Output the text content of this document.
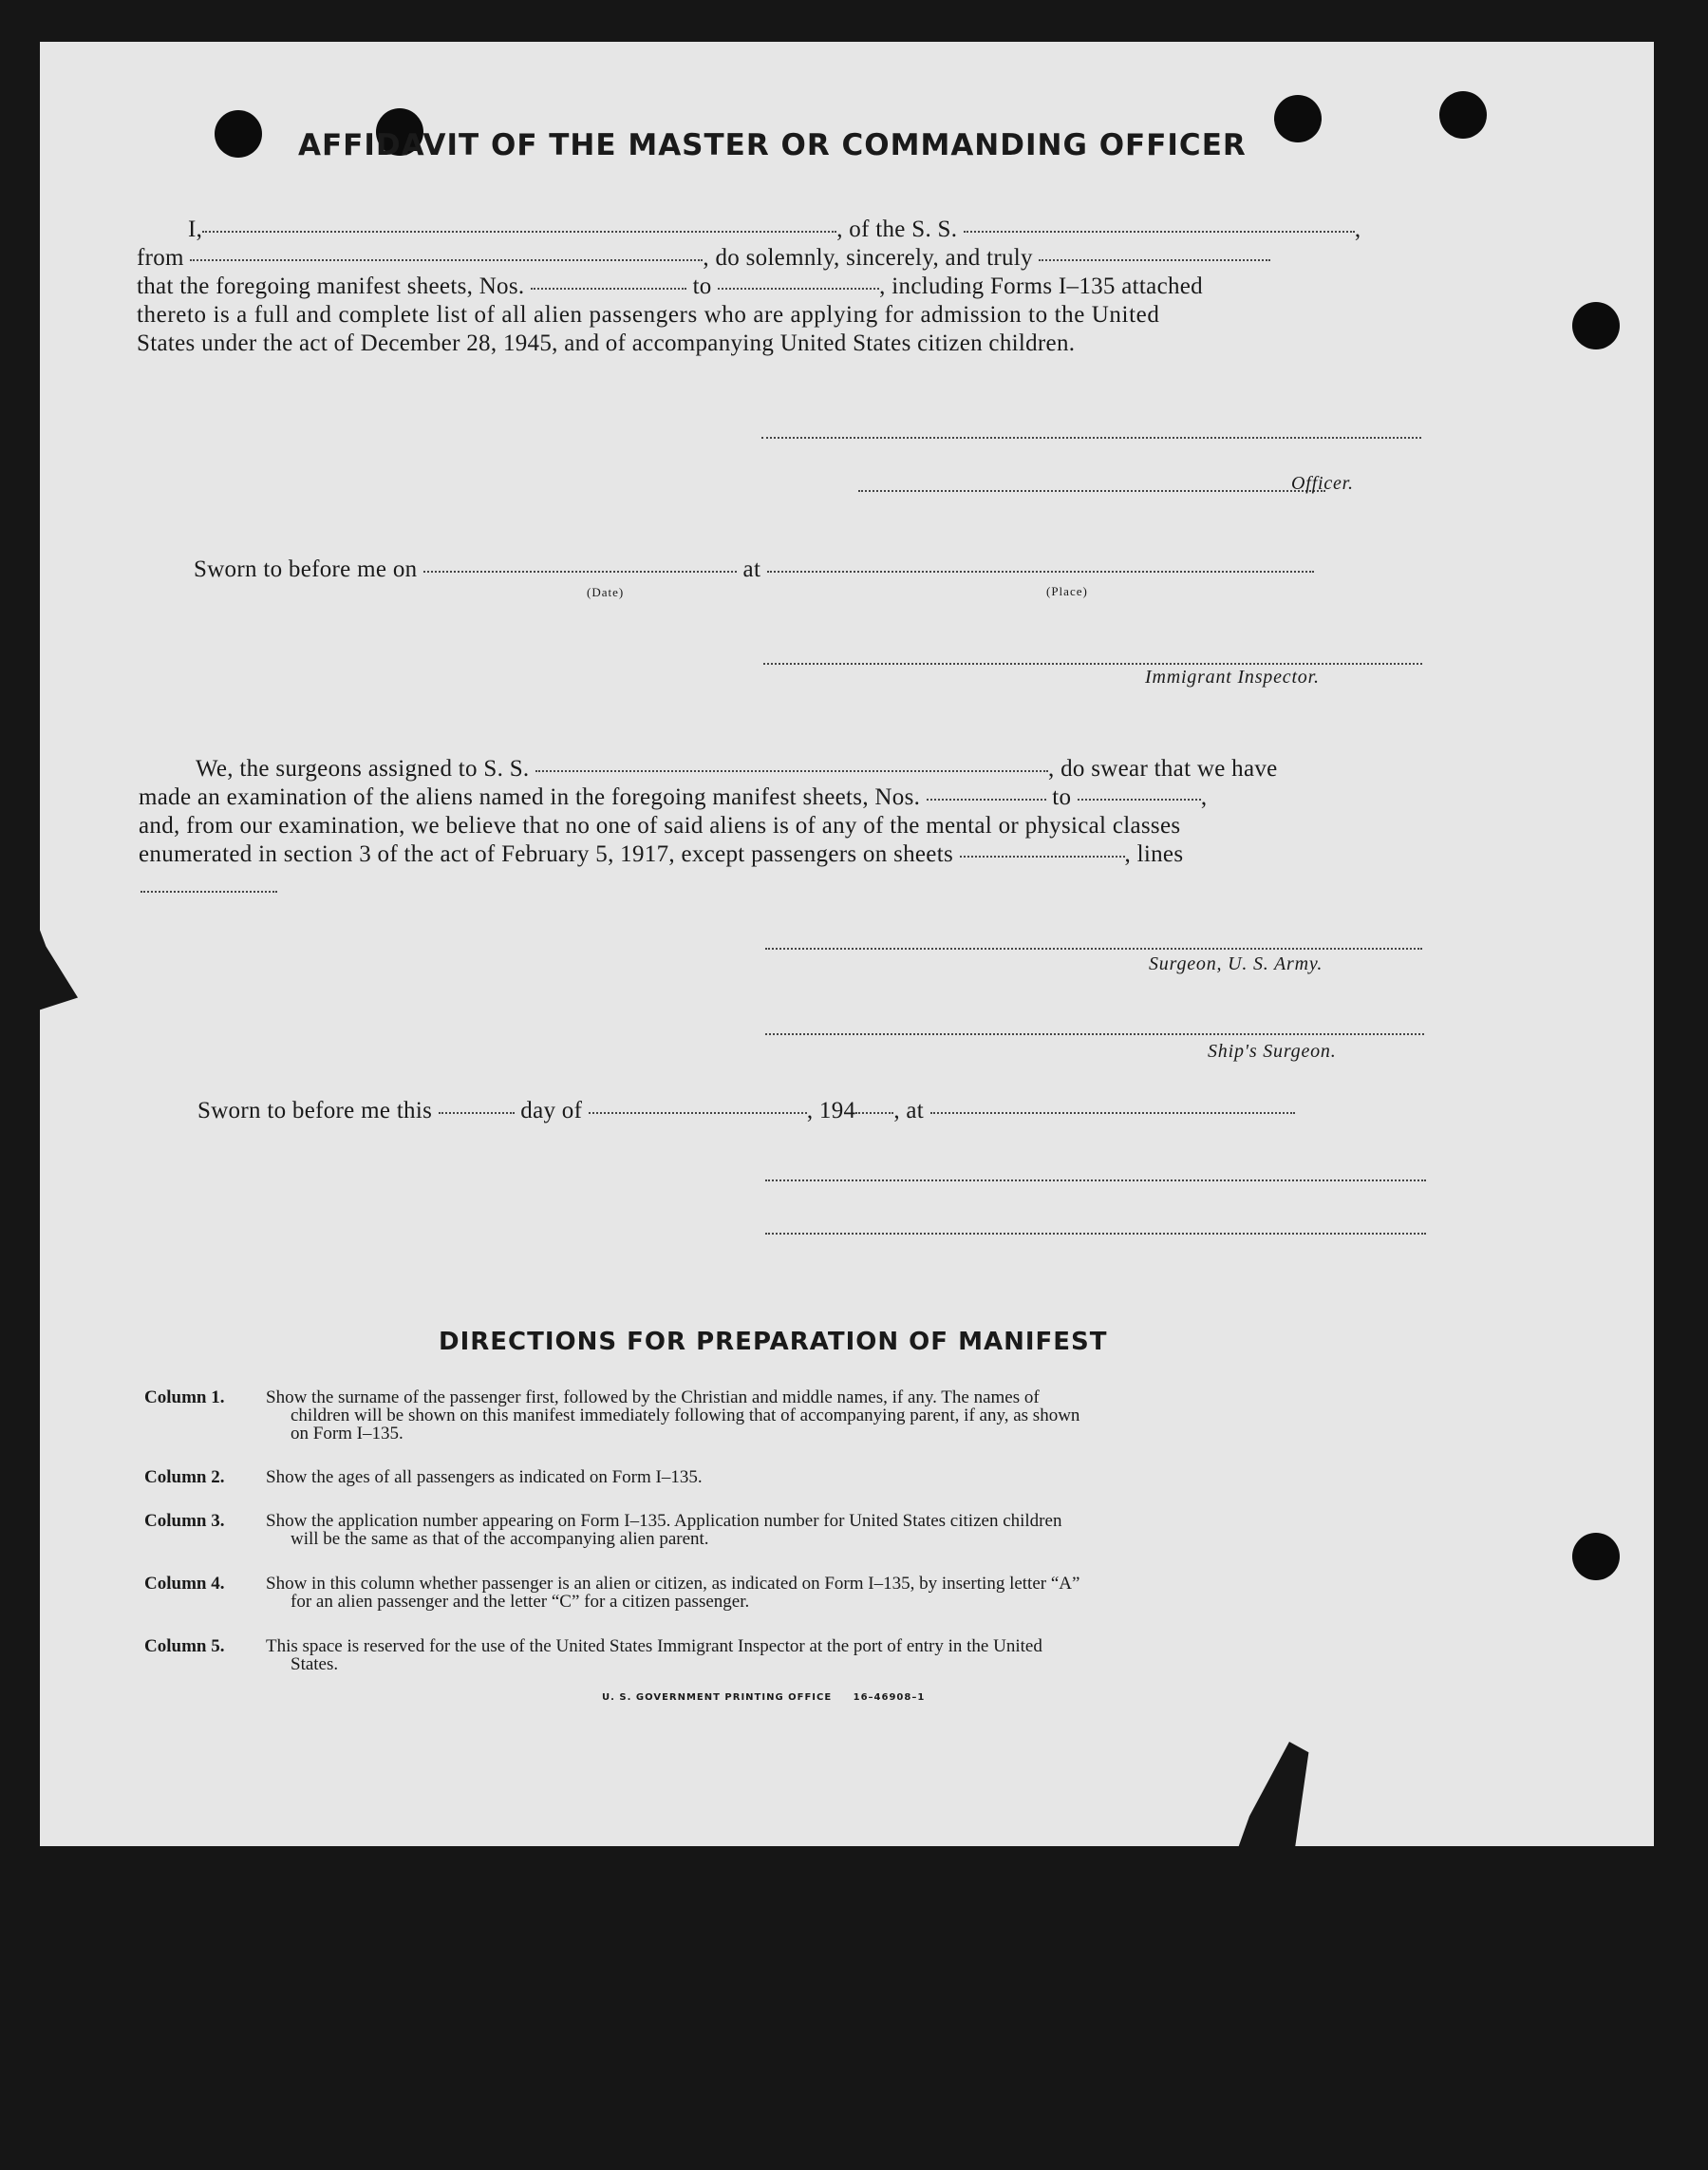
AFFIDAVIT OF THE MASTER OR COMMANDING OFFICER
I,	, of the S. S.	,
from	, do solemnly, sincerely, and truly
that the foregoing manifest sheets, Nos.	to	, including Forms I–135 attached
thereto is a full and complete list of all alien passengers who are applying for admission to the United
States under the act of December 28, 1945, and of accompanying United States citizen children.
Officer.
Sworn to before me on	at
(Date)	(Place)
Immigrant Inspector.
We, the surgeons assigned to S. S.	, do swear that we have
made an examination of the aliens named in the foregoing manifest sheets, Nos.	to	,
and, from our examination, we believe that no one of said aliens is of any of the mental or physical classes
enumerated in section 3 of the act of February 5, 1917, except passengers on sheets	, lines
Surgeon, U. S. Army.
Ship's Surgeon.
Sworn to before me this	day of	, 194 , at
DIRECTIONS FOR PREPARATION OF MANIFEST
Column 1. Show the surname of the passenger first, followed by the Christian and middle names, if any. The names of
children will be shown on this manifest immediately following that of accompanying parent, if any, as shown
on Form I–135.
Column 2. Show the ages of all passengers as indicated on Form I–135.
Column 3. Show the application number appearing on Form I–135. Application number for United States citizen children
will be the same as that of the accompanying alien parent.
Column 4. Show in this column whether passenger is an alien or citizen, as indicated on Form I–135, by inserting letter “A”
for an alien passenger and the letter “C” for a citizen passenger.
Column 5. This space is reserved for the use of the United States Immigrant Inspector at the port of entry in the United
States.
U. S. GOVERNMENT PRINTING OFFICE 16–46908–1
